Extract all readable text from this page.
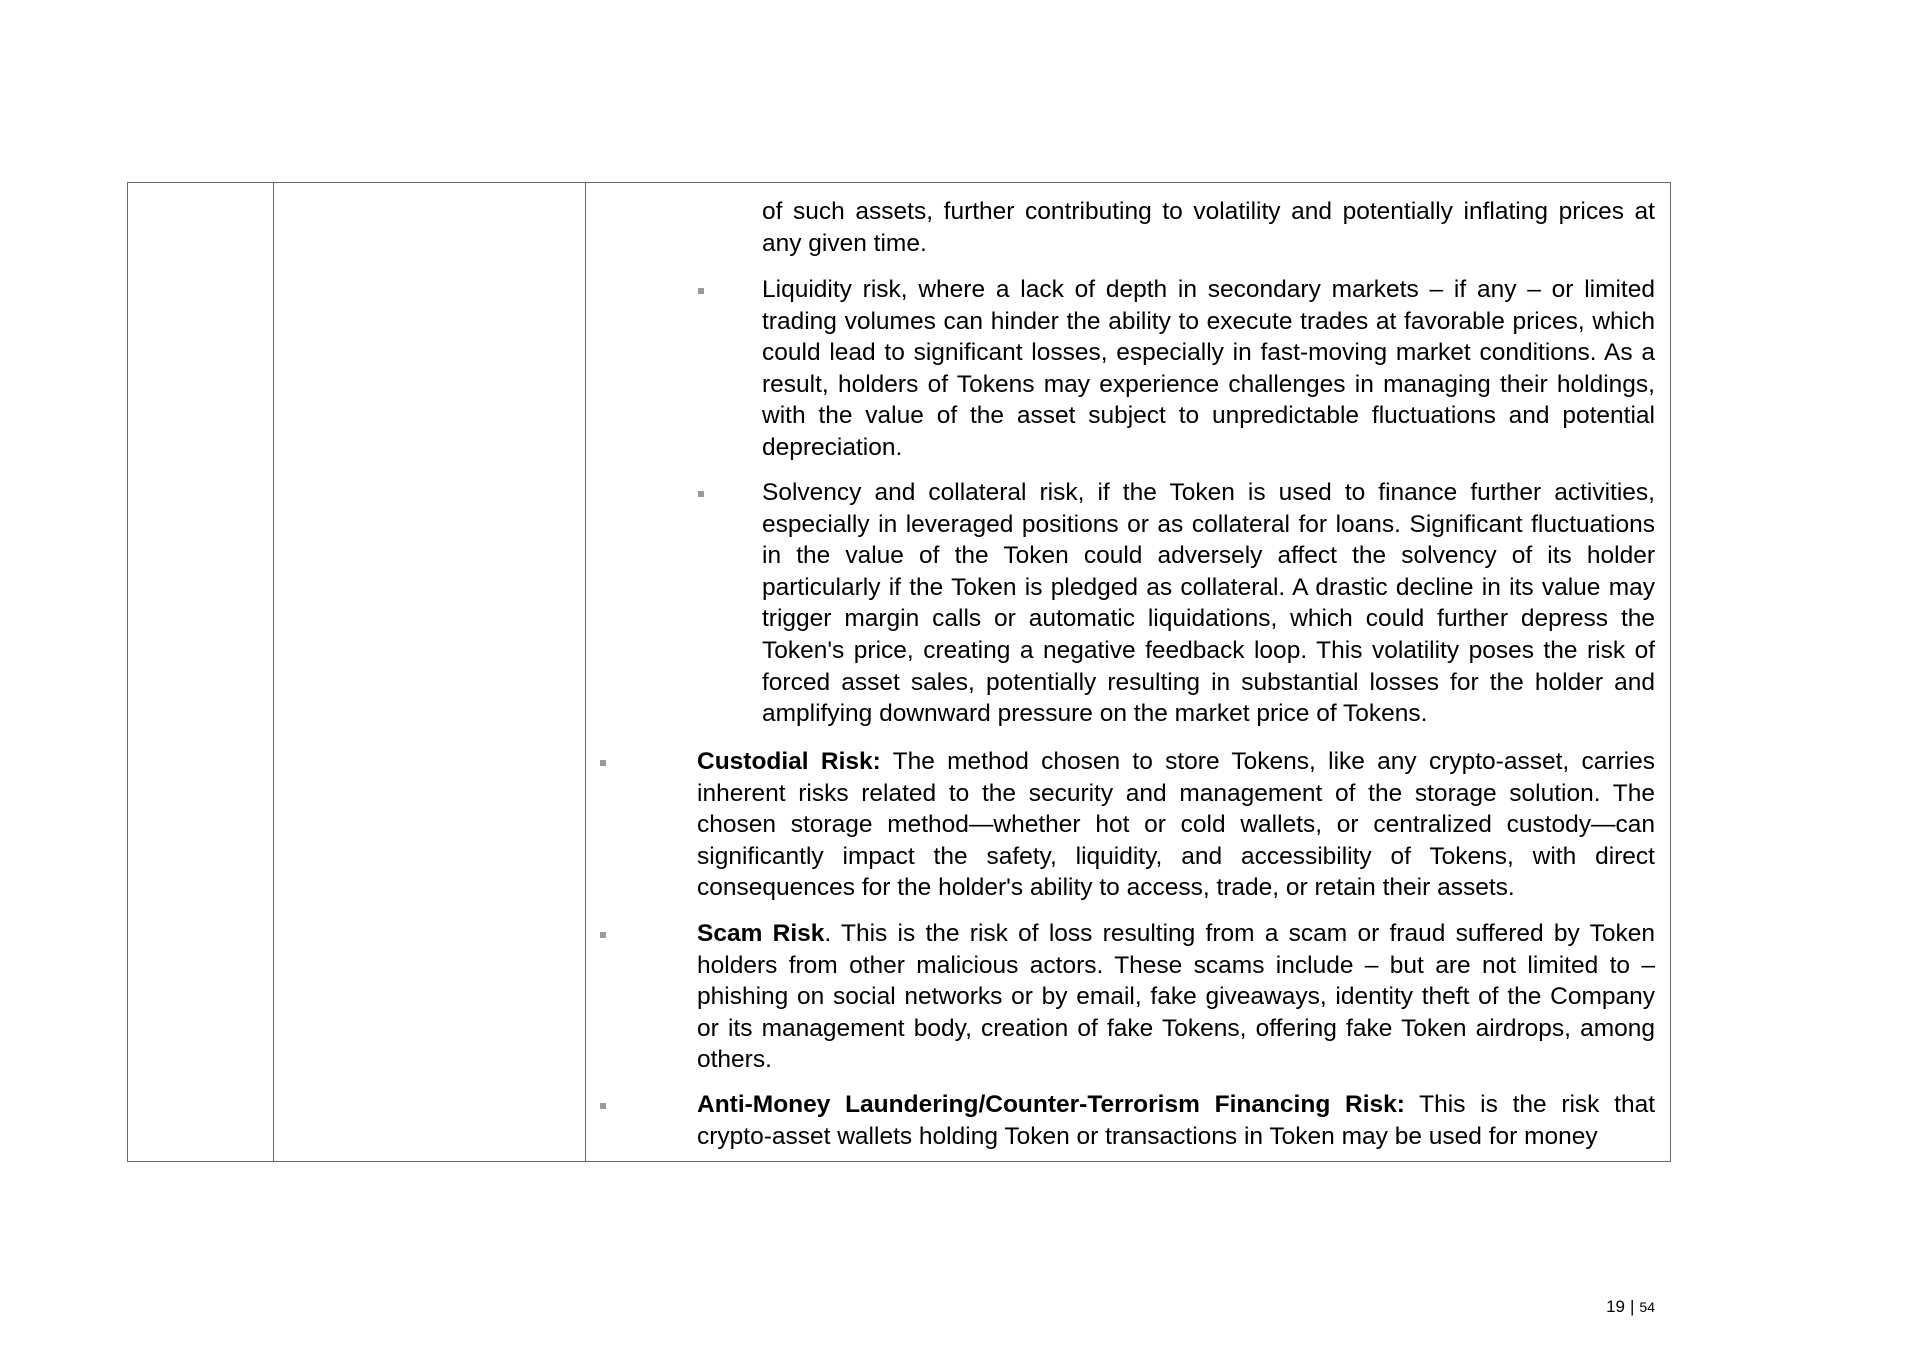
of such assets, further contributing to volatility and potentially inflating prices at any given time.

Liquidity risk, where a lack of depth in secondary markets – if any – or limited trading volumes can hinder the ability to execute trades at favorable prices, which could lead to significant losses, especially in fast-moving market conditions. As a result, holders of Tokens may experience challenges in managing their holdings, with the value of the asset subject to unpredictable fluctuations and potential depreciation.

Solvency and collateral risk, if the Token is used to finance further activities, especially in leveraged positions or as collateral for loans. Significant fluctuations in the value of the Token could adversely affect the solvency of its holder particularly if the Token is pledged as collateral. A drastic decline in its value may trigger margin calls or automatic liquidations, which could further depress the Token's price, creating a negative feedback loop. This volatility poses the risk of forced asset sales, potentially resulting in substantial losses for the holder and amplifying downward pressure on the market price of Tokens.

Custodial Risk: The method chosen to store Tokens, like any crypto-asset, carries inherent risks related to the security and management of the storage solution. The chosen storage method—whether hot or cold wallets, or centralized custody—can significantly impact the safety, liquidity, and accessibility of Tokens, with direct consequences for the holder's ability to access, trade, or retain their assets.

Scam Risk. This is the risk of loss resulting from a scam or fraud suffered by Token holders from other malicious actors. These scams include – but are not limited to – phishing on social networks or by email, fake giveaways, identity theft of the Company or its management body, creation of fake Tokens, offering fake Token airdrops, among others.

Anti-Money Laundering/Counter-Terrorism Financing Risk: This is the risk that crypto-asset wallets holding Token or transactions in Token may be used for money

19 | 54
